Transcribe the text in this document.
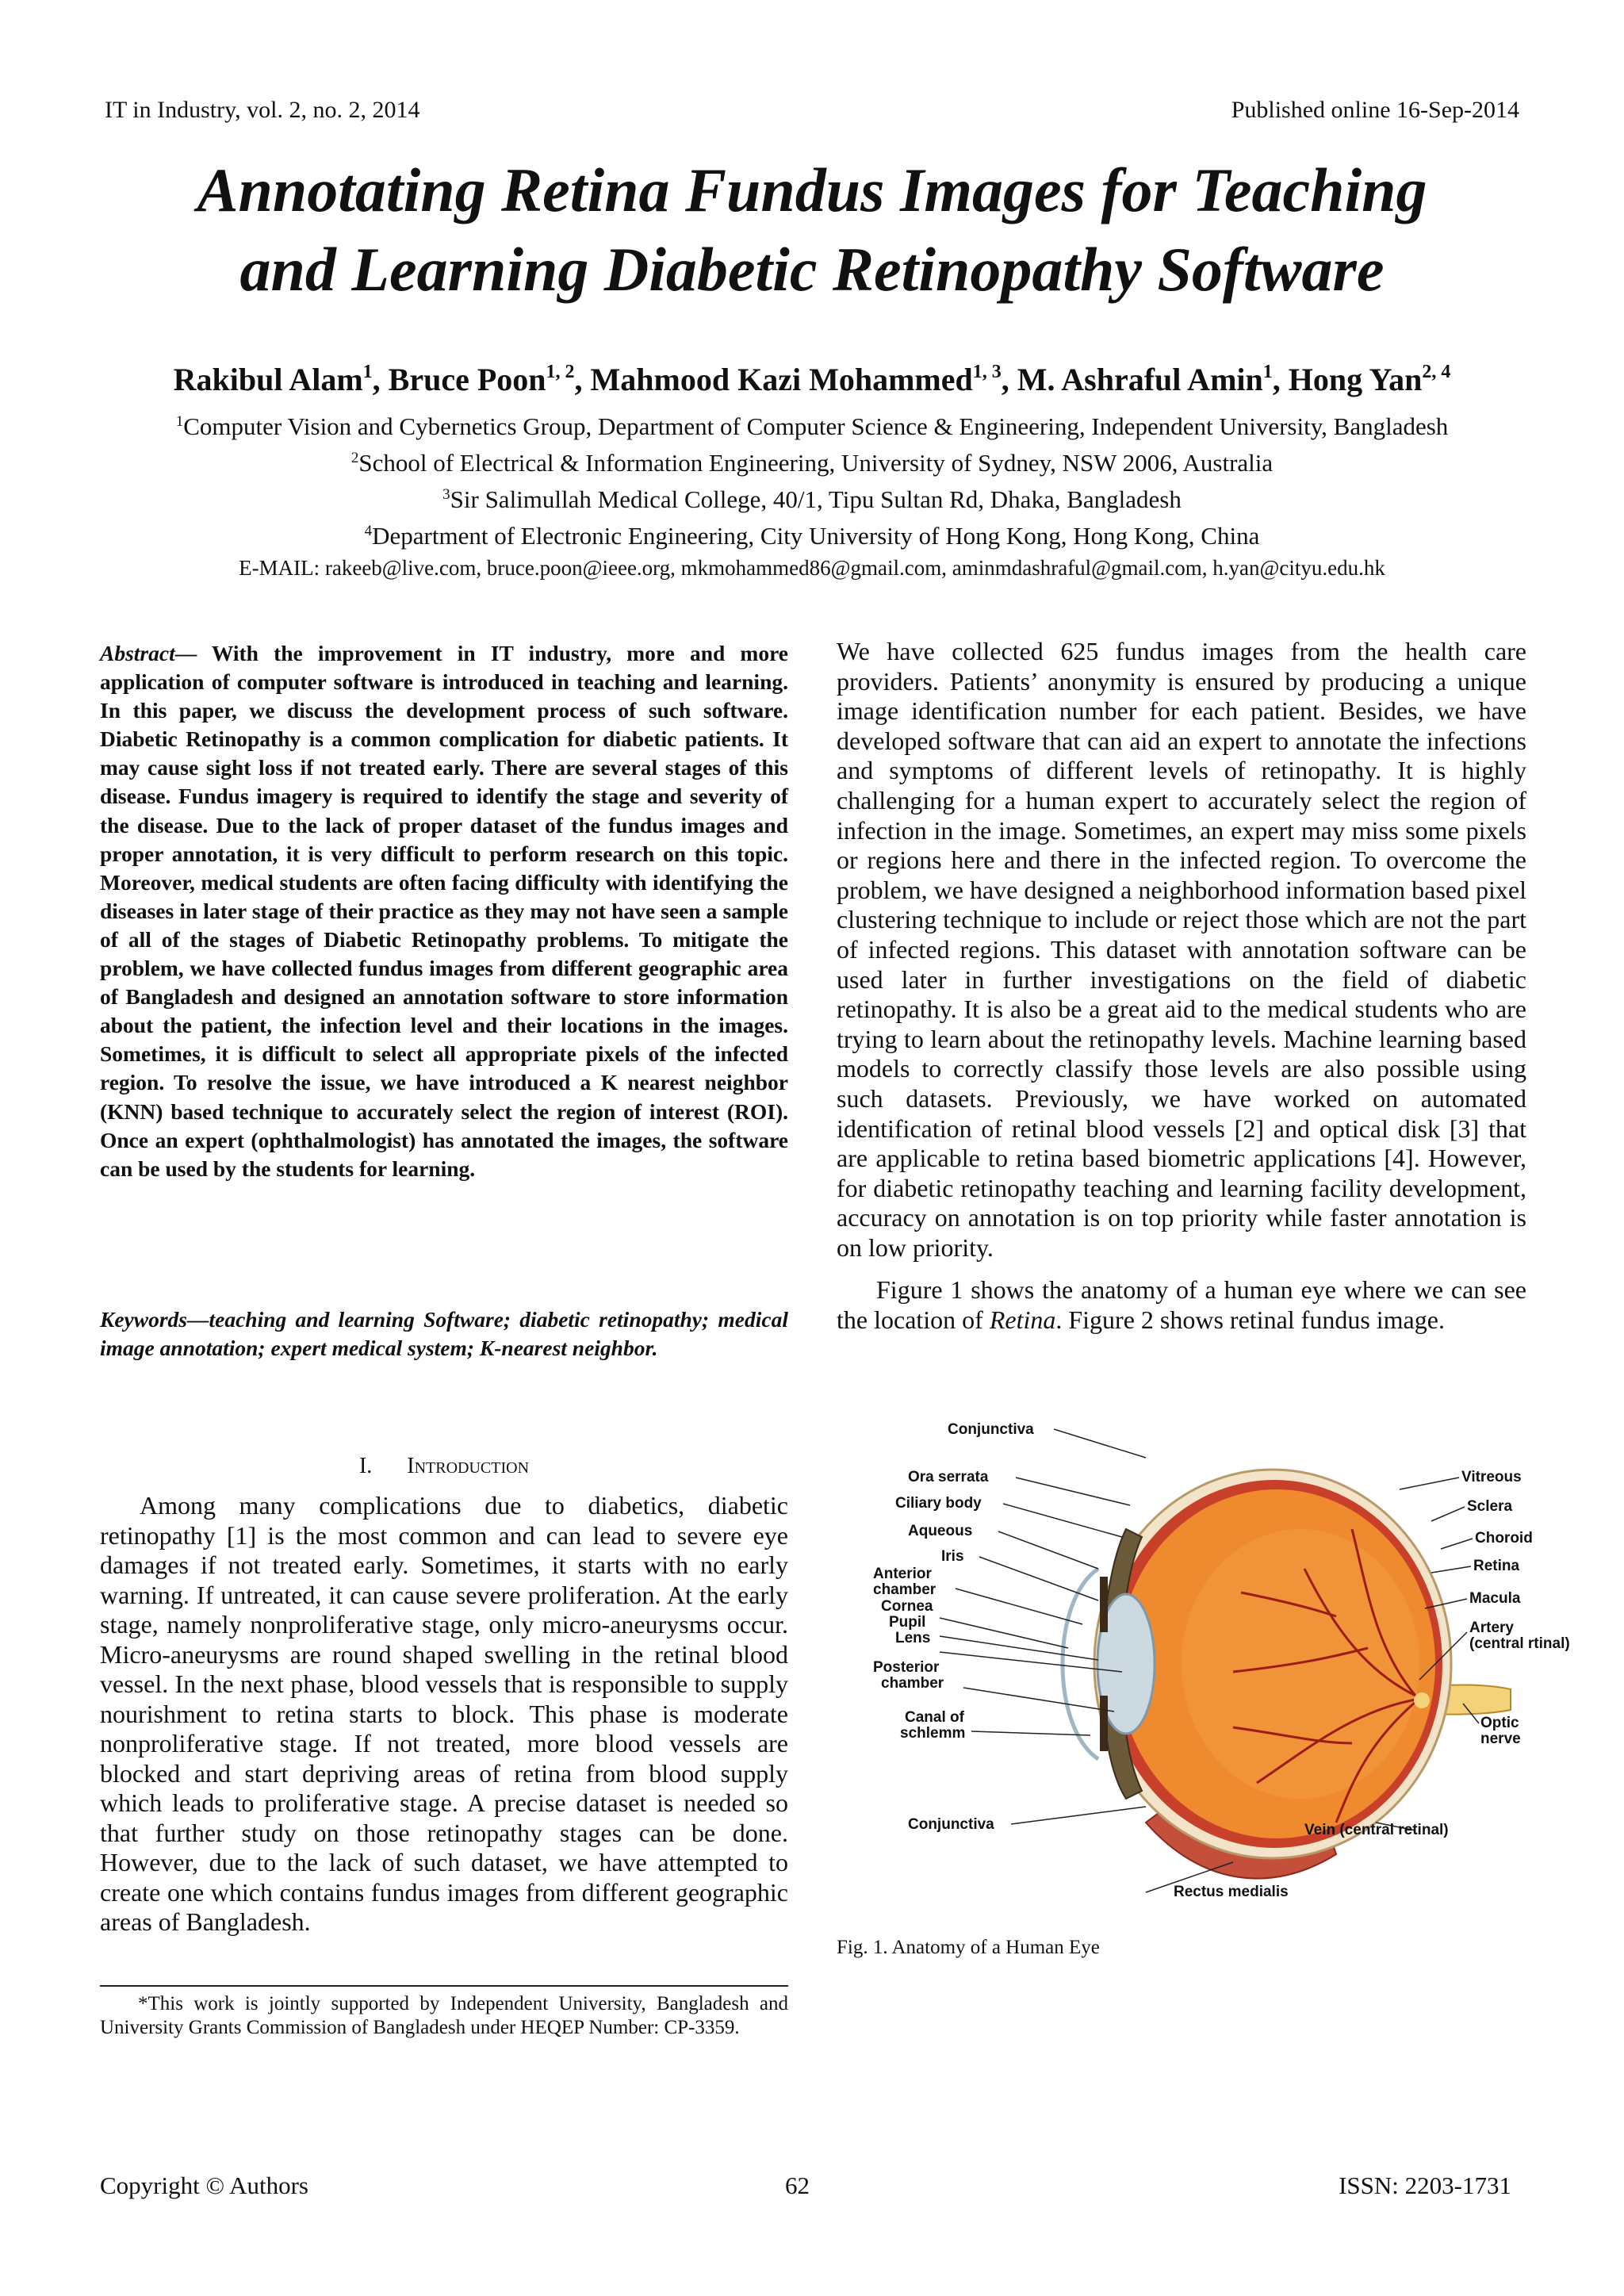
IT in Industry, vol. 2, no. 2, 2014	Published online 16-Sep-2014
Annotating Retina Fundus Images for Teaching
and Learning Diabetic Retinopathy Software
Rakibul Alam$^1$, Bruce Poon$^{1, 2}$, Mahmood Kazi Mohammed$^{1, 3}$, M. Ashraful Amin$^1$, Hong Yan$^{2, 4}$
$^1$Computer Vision and Cybernetics Group, Department of Computer Science & Engineering, Independent University, Bangladesh
$^2$School of Electrical & Information Engineering, University of Sydney, NSW 2006, Australia
$^3$Sir Salimullah Medical College, 40/1, Tipu Sultan Rd, Dhaka, Bangladesh
$^4$Department of Electronic Engineering, City University of Hong Kong, Hong Kong, China
E-MAIL: rakeeb@live.com, bruce.poon@ieee.org, mkmohammed86@gmail.com, aminmdashraful@gmail.com, h.yan@cityu.edu.hk
Abstract— With the improvement in IT industry, more and more application of computer software is introduced in teaching and learning. In this paper, we discuss the development process of such software. Diabetic Retinopathy is a common complication for diabetic patients. It may cause sight loss if not treated early. There are several stages of this disease. Fundus imagery is required to identify the stage and severity of the disease. Due to the lack of proper dataset of the fundus images and proper annotation, it is very difficult to perform research on this topic. Moreover, medical students are often facing difficulty with identifying the diseases in later stage of their practice as they may not have seen a sample of all of the stages of Diabetic Retinopathy problems. To mitigate the problem, we have collected fundus images from different geographic area of Bangladesh and designed an annotation software to store information about the patient, the infection level and their locations in the images. Sometimes, it is difficult to select all appropriate pixels of the infected region. To resolve the issue, we have introduced a K nearest neighbor (KNN) based technique to accurately select the region of interest (ROI). Once an expert (ophthalmologist) has annotated the images, the software can be used by the students for learning.
Keywords—teaching and learning Software; diabetic retinopathy; medical image annotation; expert medical system; K-nearest neighbor.
I. Introduction

Among many complications due to diabetics, diabetic retinopathy [1] is the most common and can lead to severe eye damages if not treated early. Sometimes, it starts with no early warning. If untreated, it can cause severe proliferation. At the early stage, namely nonproliferative stage, only micro-aneurysms occur. Micro-aneurysms are round shaped swelling in the retinal blood vessel. In the next phase, blood vessels that is responsible to supply nourishment to retina starts to block. This phase is moderate nonproliferative stage. If not treated, more blood vessels are blocked and start depriving areas of retina from blood supply which leads to proliferative stage. A precise dataset is needed so that further study on those retinopathy stages can be done. However, due to the lack of such dataset, we have attempted to create one which contains fundus images from different geographic areas of Bangladesh.

*This work is jointly supported by Independent University, Bangladesh and University Grants Commission of Bangladesh under HEQEP Number: CP-3359.

We have collected 625 fundus images from the health care providers. Patients’ anonymity is ensured by producing a unique image identification number for each patient. Besides, we have developed software that can aid an expert to annotate the infections and symptoms of different levels of retinopathy. It is highly challenging for a human expert to accurately select the region of infection in the image. Sometimes, an expert may miss some pixels or regions here and there in the infected region. To overcome the problem, we have designed a neighborhood information based pixel clustering technique to include or reject those which are not the part of infected regions. This dataset with annotation software can be used later in further investigations on the field of diabetic retinopathy. It is also be a great aid to the medical students who are trying to learn about the retinopathy levels. Machine learning based models to correctly classify those levels are also possible using such datasets. Previously, we have worked on automated identification of retinal blood vessels [2] and optical disk [3] that are applicable to retina based biometric applications [4]. However, for diabetic retinopathy teaching and learning facility development, accuracy on annotation is on top priority while faster annotation is on low priority.

Figure 1 shows the anatomy of a human eye where we can see the location of Retina. Figure 2 shows retinal fundus image.

Conjunctiva
Ora serrata
Ciliary body
Aqueous
Iris
Anterior
chamber
Cornea
Pupil
Lens
Posterior
chamber
Canal of
schlemm
Conjunctiva
Vitreous
Sclera
Choroid
Retina
Macula
Artery
(central rtinal)
Optic
nerve
Vein (central retinal)
Rectus medialis
Fig. 1. Anatomy of a Human Eye
Copyright © Authors	62	ISSN: 2203-1731
